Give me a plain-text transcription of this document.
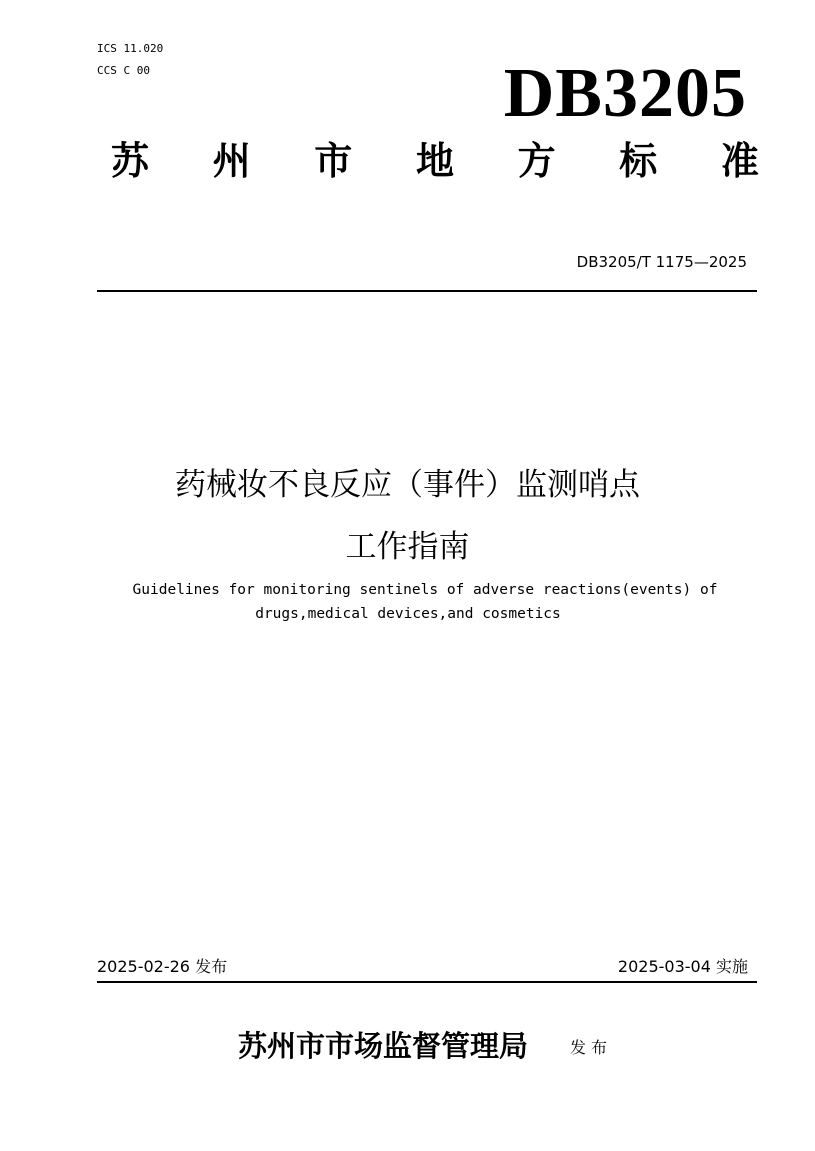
ICS 11.020
CCS C 00	DB3205
苏 州 市 地 方 标 准
DB3205/T 1175—2025
药械妆不良反应（事件）监测哨点
工作指南
Guidelines for monitoring sentinels of adverse reactions(events) of
drugs,medical devices,and cosmetics
2025-02-26 发布	2025-03-04 实施
苏州市市场监督管理局	发布
